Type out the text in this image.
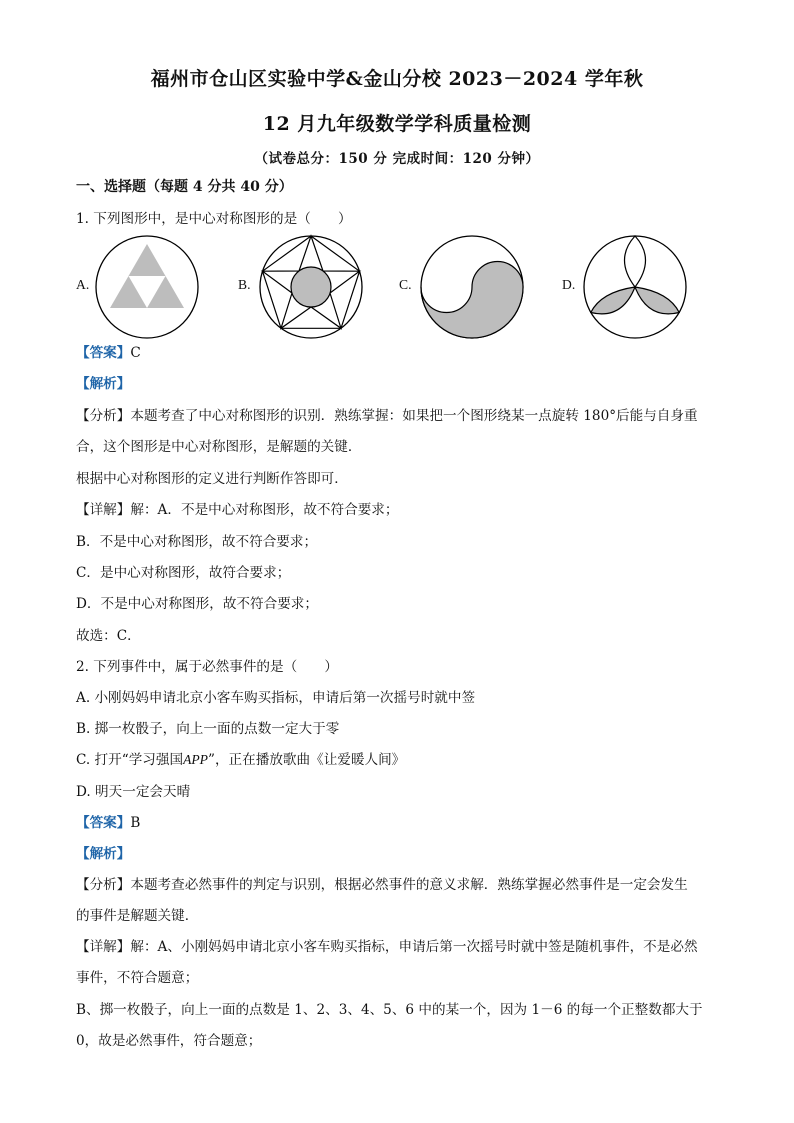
福州市仓山区实验中学&金山分校 2023－2024 学年秋
12 月九年级数学学科质量检测
（试卷总分：150 分 完成时间：120 分钟）
一、选择题（每题 4 分共 40 分）
1. 下列图形中，是中心对称图形的是（　　）
A.	B.	C.	D.
【答案】C
【解析】
【分析】本题考查了中心对称图形的识别．熟练掌握：如果把一个图形绕某一点旋转 180°后能与自身重
合，这个图形是中心对称图形，是解题的关键．
根据中心对称图形的定义进行判断作答即可．
【详解】解：A．不是中心对称图形，故不符合要求；
B．不是中心对称图形，故不符合要求；
C．是中心对称图形，故符合要求；
D．不是中心对称图形，故不符合要求；
故选：C．
2. 下列事件中，属于必然事件的是（　　）
A. 小刚妈妈申请北京小客车购买指标，申请后第一次摇号时就中签
B. 掷一枚骰子，向上一面的点数一定大于零
C. 打开“学习强国APP”，正在播放歌曲《让爱暖人间》
D. 明天一定会天晴
【答案】B
【解析】
【分析】本题考查必然事件的判定与识别，根据必然事件的意义求解．熟练掌握必然事件是一定会发生
的事件是解题关键．
【详解】解：A、小刚妈妈申请北京小客车购买指标，申请后第一次摇号时就中签是随机事件，不是必然
事件，不符合题意；
B、掷一枚骰子，向上一面的点数是 1、2、3、4、5、6 中的某一个，因为 1－6 的每一个正整数都大于
0，故是必然事件，符合题意；
